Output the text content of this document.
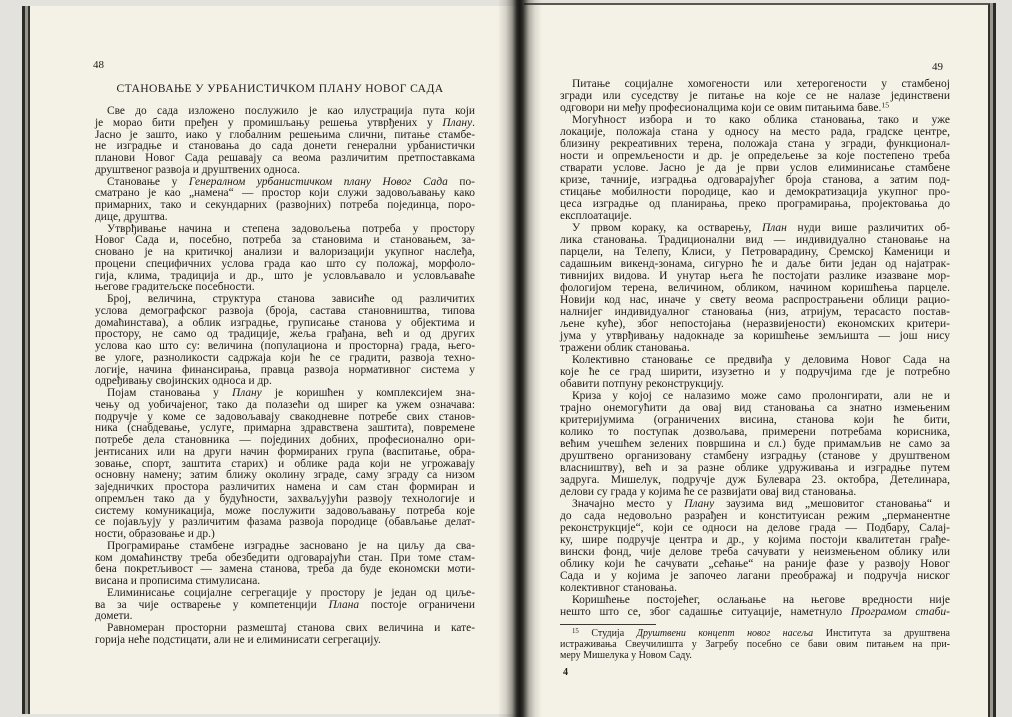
48
СТАНОВАЊЕ У УРБАНИСТИЧКОМ ПЛАНУ НОВОГ САДА
Све до сада изложено послужило је као илустрација пута који
је морао бити пређен у промишљању решења утврђених у Плану.
Јасно је зашто, иако у глобалним решењима слични, питање стамбе-
не изградње и становања до сада донети генерални урбанистички
планови Новог Сада решавају са веома различитим претпоставкама
друштвеног развоја и друштвених односа.
Становање у Генералном урбанистичком плану Новог Сада по-
сматрано је као „намена“ — простор који служи задовољавању како
примарних, тако и секундарних (развојних) потреба појединца, поро-
дице, друштва.
Утврђивање начина и степена задовољења потреба у простору
Новог Сада и, посебно, потреба за становима и становањем, за-
сновано је на критичкој анализи и валоризацији укупног наслеђа,
процени специфичних услова града као што су положај, морфоло-
гија, клима, традиција и др., што је условљавало и условљаваће
његове градитељске посебности.
Број, величина, структура станова зависиће од различитих
услова демографског развоја (броја, састава становништва, типова
домаћинстава), а облик изградње, груписање станова у објектима и
простору, не само од традиције, жеља грађана, већ и од других
услова као што су: величина (популациона и просторна) града, њего-
ве улоге, разноликости садржаја који ће се градити, развоја техно-
логије, начина финансирања, правца развоја нормативног система у
одређивању својинских односа и др.
Појам становања у Плану је коришћен у комплексијем зна-
чењу од уобичајеног, тако да полазећи од ширег ка ужем означава:
подручје у коме се задовољавају свакодневне потребе свих станов-
ника (снабдевање, услуге, примарна здравствена заштита), повремене
потребе дела становника — појединих добних, професионално ори-
јентисаних или на други начин формираних група (васпитање, обра-
зовање, спорт, заштита старих) и облике рада који не угрожавају
основну намену; затим ближу околину зграде, саму зграду са низом
заједничких простора различитих намена и сам стан формиран и
опремљен тако да у будућности, захваљујући развоју технологије и
систему комуникација, може послужити задовољавању потреба које
се појављују у различитим фазама развоја породице (обављање делат-
ности, образовање и др.)
Програмирање стамбене изградње засновано је на циљу да сва-
ком домаћинству треба обезбедити одговарајући стан. При томе стам-
бена покретљивост — замена станова, треба да буде економски моти-
висана и прописима стимулисана.
Елиминисање социјалне сегрегације у простору је један од циље-
ва за чије остварење у компетенцији Плана постоје ограничени
домети.
Равномеран просторни размештај станова свих величина и кате-
горија неће подстицати, али не и елиминисати сегрегацију.
49
Питање социјалне хомогености или хетерогености у стамбеној
згради или суседству је питање на које се не налазе јединствени
одговори ни међу професионалцима који се овим питањима баве.$^{15}$
Могућност избора и то како облика становања, тако и уже
локације, положаја стана у односу на место рада, градске центре,
близину рекреативних терена, положаја стана у згради, функционал-
ности и опремљености и др. је опредељење за које постепено треба
стварати услове. Јасно је да је први услов елиминисање стамбене
кризе, тачније, изградња одговарајућег броја станова, а затим под-
стицање мобилности породице, као и демократизација укупног про-
цеса изградње од планирања, преко програмирања, пројектовања до
експлоатације.
У првом кораку, ка остварењу, План нуди више различитих об-
лика становања. Традиционални вид — индивидуално становање на
парцели, на Телепу, Клиси, у Петроварадину, Сремској Каменици и
садашњим викенд-зонама, сигурно ће и даље бити један од најатрак-
тивнијих видова. И унутар њега ће постојати разлике изазване мор-
фологијом терена, величином, обликом, начином коришћења парцеле.
Новији код нас, иначе у свету веома распрострањени облици рацио-
налнијег индивидуалног становања (низ, атријум, терасасто постав-
љене куће), због непостојања (неразвијености) економских критери-
јума у утврђивању надокнаде за коришћење земљишта — још нису
тражени облик становања.
Колективно становање се предвиђа у деловима Новог Сада на
које ће се град ширити, изузетно и у подручјима где је потребно
обавити потпуну реконструкцију.
Криза у којој се налазимо може само пролонгирати, али не и
трајно онемогућити да овај вид становања са знатно измењеним
критеријумима (ограничених висина, станова који ће бити,
колико то поступак дозвољава, примерени потребама корисника,
већим учешћем зелених површина и сл.) буде примамљив не само за
друштвено организовану стамбену изградњу (станове у друштвеном
власништву), већ и за разне облике удруживања и изградње путем
задруга. Мишелук, подручје дуж Булевара 23. октобра, Детелинара,
делови су града у којима ће се развијати овај вид становања.
Значајно место у Плану заузима вид „мешовитог становања“ и
до сада недовољно разрађен и конституисан режим „перманентне
реконструкције“, који се односи на делове града — Подбару, Салај-
ку, шире подручје центра и др., у којима постоји квалитетан грађе-
вински фонд, чије делове треба сачувати у неизмењеном облику или
облику који ће сачувати „сећање“ на раније фазе у развоју Новог
Сада и у којима је започео лагани преображај и подручја ниског
колективног становања.
Коришћење постојећег, ослањање на његове вредности није
нешто што се, због садашње ситуације, наметнуло Програмом стаби-
$^{15}$ Студија Друштвени концепт новог насеља Института за друштвена
истраживања Свеучилишта у Загребу посебно се бави овим питањем на при-
меру Мишелука у Новом Саду.
4
